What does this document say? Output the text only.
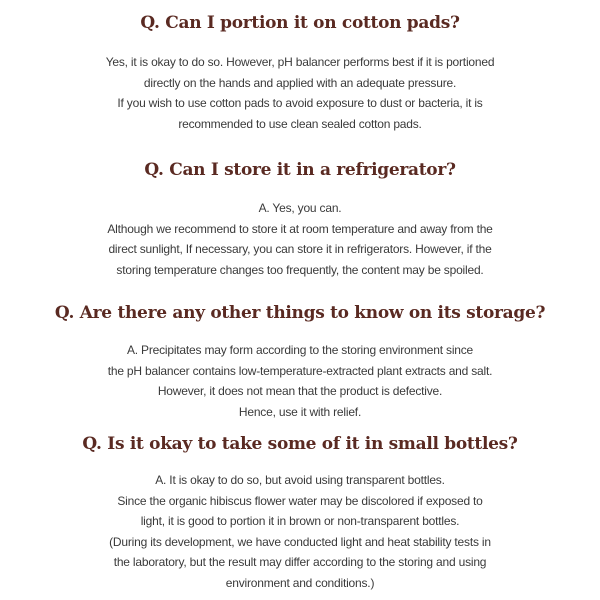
Q. Can I portion it on cotton pads?

Yes, it is okay to do so. However, pH balancer performs best if it is portioned
directly on the hands and applied with an adequate pressure.
If you wish to use cotton pads to avoid exposure to dust or bacteria, it is
recommended to use clean sealed cotton pads.

Q. Can I store it in a refrigerator?

A. Yes, you can.
Although we recommend to store it at room temperature and away from the
direct sunlight, If necessary, you can store it in refrigerators. However, if the
storing temperature changes too frequently, the content may be spoiled.

Q. Are there any other things to know on its storage?

A. Precipitates may form according to the storing environment since
the pH balancer contains low-temperature-extracted plant extracts and salt.
However, it does not mean that the product is defective.
Hence, use it with relief.

Q. Is it okay to take some of it in small bottles?

A. It is okay to do so, but avoid using transparent bottles.
Since the organic hibiscus flower water may be discolored if exposed to
light, it is good to portion it in brown or non-transparent bottles.
(During its development, we have conducted light and heat stability tests in
the laboratory, but the result may differ according to the storing and using
environment and conditions.)
